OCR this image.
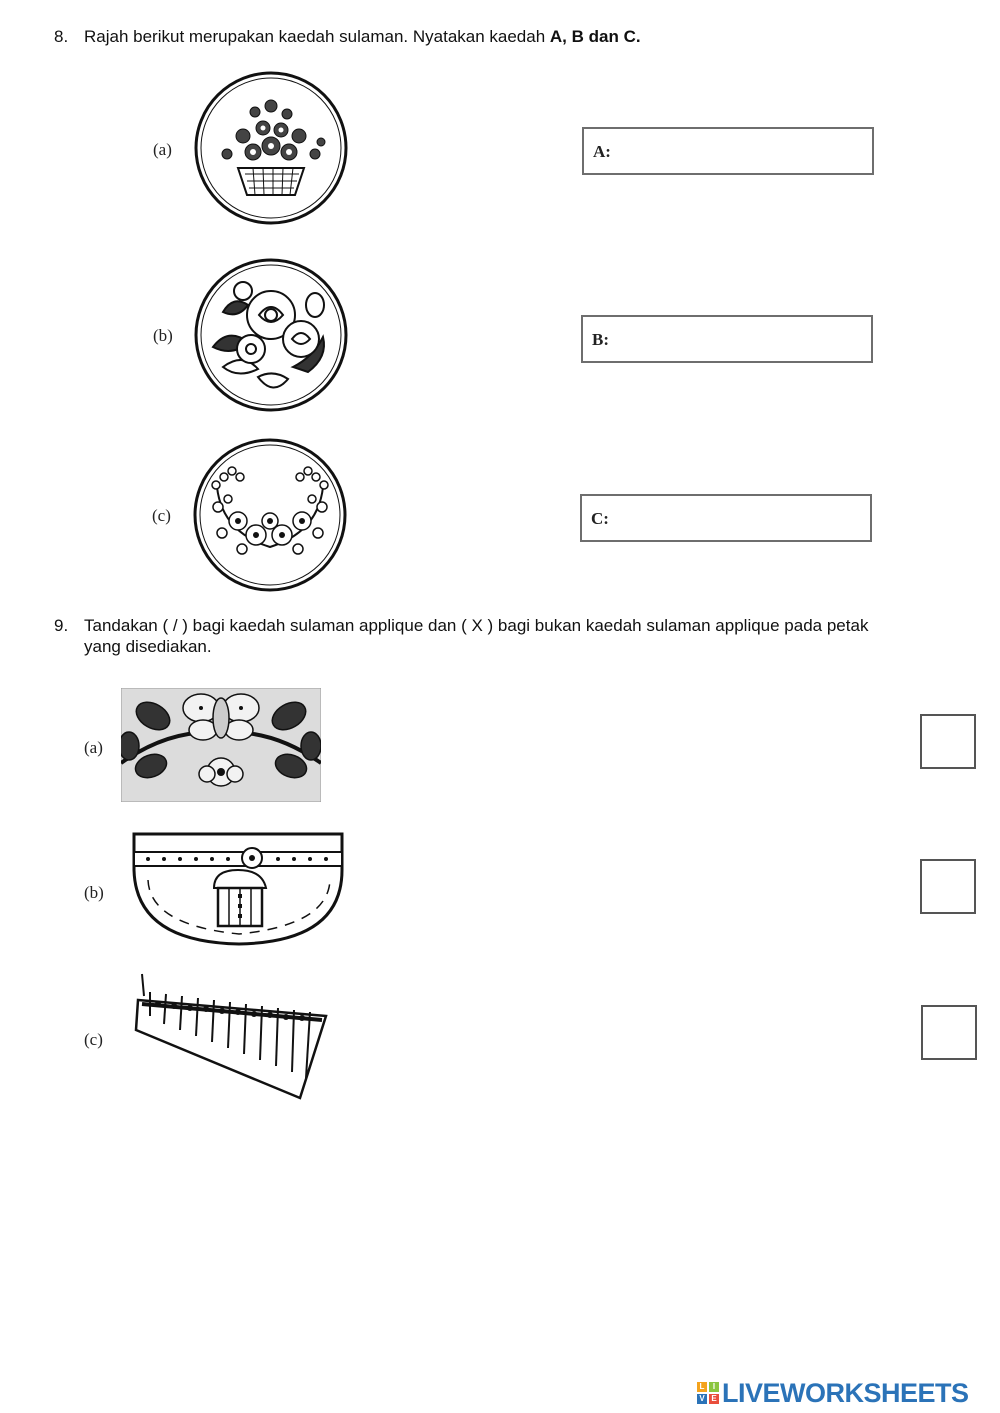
8. Rajah berikut merupakan kaedah sulaman. Nyatakan kaedah A, B dan C.
(a)	A:
(b)	B:
(c)	C:
9. Tandakan ( / ) bagi kaedah sulaman applique dan ( X ) bagi bukan kaedah sulaman applique pada petak
yang disediakan.
(a)
(b)
(c)
L	I
V E LIVEWORKSHEETS
